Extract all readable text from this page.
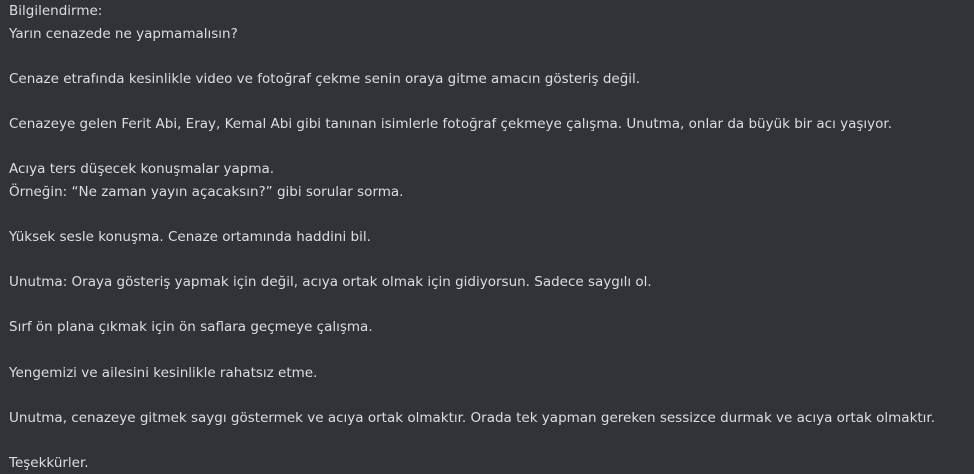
Bilgilendirme:
Yarın cenazede ne yapmamalısın?
Cenaze etrafında kesinlikle video ve fotoğraf çekme senin oraya gitme amacın gösteriş değil.
Cenazeye gelen Ferit Abi, Eray, Kemal Abi gibi tanınan isimlerle fotoğraf çekmeye çalışma. Unutma, onlar da büyük bir acı yaşıyor.
Acıya ters düşecek konuşmalar yapma.
Örneğin: “Ne zaman yayın açacaksın?” gibi sorular sorma.
Yüksek sesle konuşma. Cenaze ortamında haddini bil.
Unutma: Oraya gösteriş yapmak için değil, acıya ortak olmak için gidiyorsun. Sadece saygılı ol.
Sırf ön plana çıkmak için ön saflara geçmeye çalışma.
Yengemizi ve ailesini kesinlikle rahatsız etme.
Unutma, cenazeye gitmek saygı göstermek ve acıya ortak olmaktır. Orada tek yapman gereken sessizce durmak ve acıya ortak olmaktır.
Teşekkürler.
